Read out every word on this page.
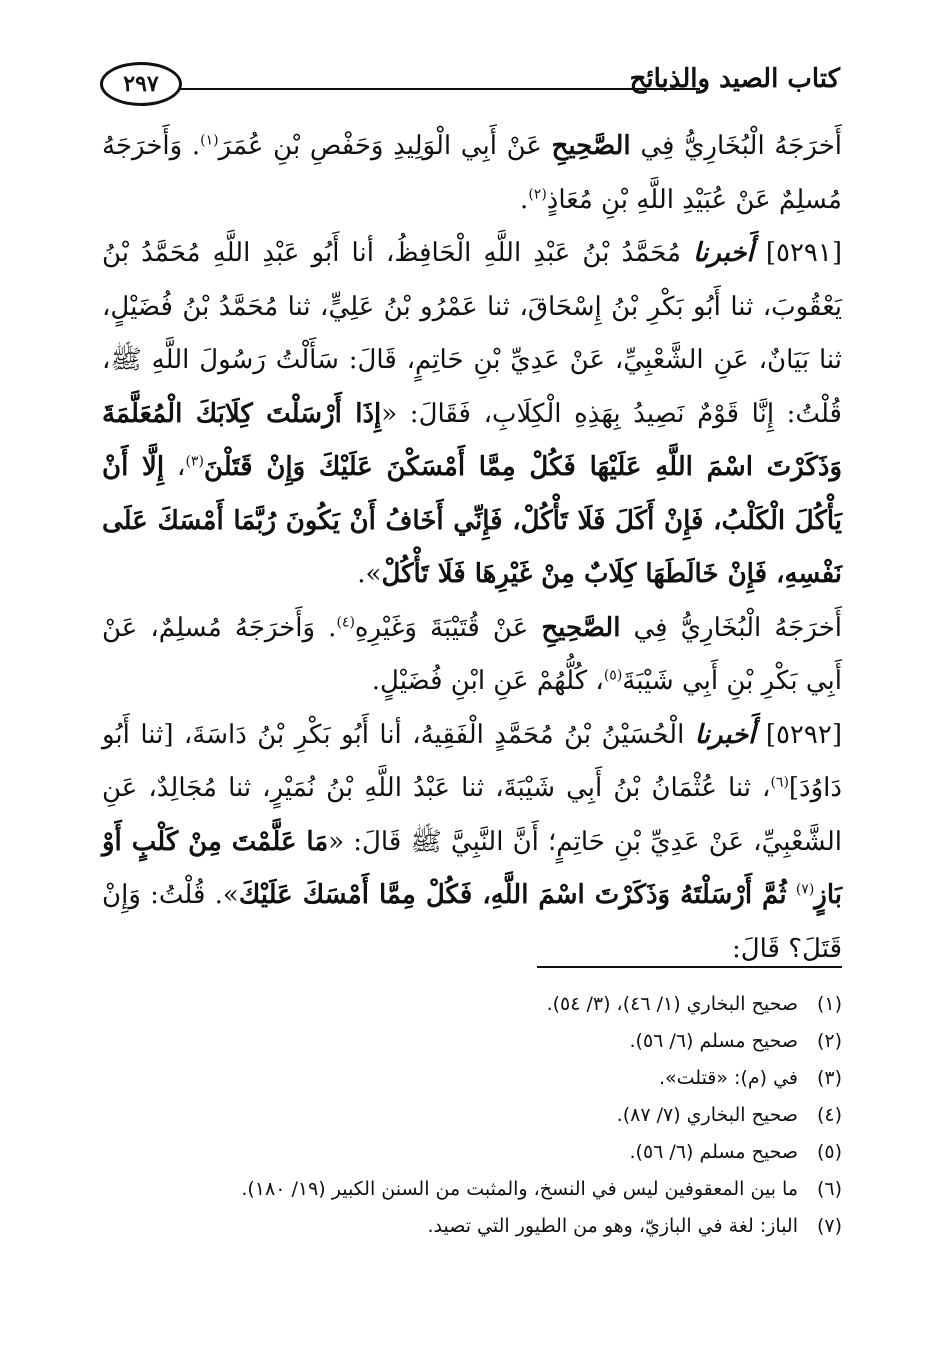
كتاب الصيد والذبائح
٢٩٧

أَخرَجَهُ الْبُخَارِيُّ فِي الصَّحِيحِ عَنْ أَبِي الْوَلِيدِ وَحَفْصِ بْنِ عُمَرَ$^{(١)}$. وَأَخرَجَهُ مُسلِمٌ عَنْ عُبَيْدِ اللَّهِ بْنِ مُعَاذٍ$^{(٢)}$.

[٥٢٩١] أَخبرنا مُحَمَّدُ بْنُ عَبْدِ اللَّهِ الْحَافِظُ، أنا أَبُو عَبْدِ اللَّهِ مُحَمَّدُ بْنُ يَعْقُوبَ، ثنا أَبُو بَكْرِ بْنُ إِسْحَاقَ، ثنا عَمْرُو بْنُ عَلِيٍّ، ثنا مُحَمَّدُ بْنُ فُضَيْلٍ، ثنا بَيَانٌ، عَنِ الشَّعْبِيِّ، عَنْ عَدِيِّ بْنِ حَاتِمٍ، قَالَ: سَأَلْتُ رَسُولَ اللَّهِ ﷺ، قُلْتُ: إِنَّا قَوْمٌ نَصِيدُ بِهَذِهِ الْكِلَابِ، فَقَالَ: «إِذَا أَرْسَلْتَ كِلَابَكَ الْمُعَلَّمَةَ وَذَكَرْتَ اسْمَ اللَّهِ عَلَيْهَا فَكُلْ مِمَّا أَمْسَكْنَ عَلَيْكَ وَإِنْ قَتَلْنَ$^{(٣)}$، إِلَّا أَنْ يَأْكُلَ الْكَلْبُ، فَإِنْ أَكَلَ فَلَا تَأْكُلْ، فَإِنِّي أَخَافُ أَنْ يَكُونَ رُبَّمَا أَمْسَكَ عَلَى نَفْسِهِ، فَإِنْ خَالَطَهَا كِلَابٌ مِنْ غَيْرِهَا فَلَا تَأْكُلْ».

أَخرَجَهُ الْبُخَارِيُّ فِي الصَّحِيحِ عَنْ قُتَيْبَةَ وَغَيْرِهِ$^{(٤)}$. وَأَخرَجَهُ مُسلِمٌ، عَنْ أَبِي بَكْرِ بْنِ أَبِي شَيْبَةَ$^{(٥)}$، كُلُّهُمْ عَنِ ابْنِ فُضَيْلٍ.

[٥٢٩٢] أَخبرنا الْحُسَيْنُ بْنُ مُحَمَّدٍ الْفَقِيهُ، أنا أَبُو بَكْرِ بْنُ دَاسَةَ، [ثنا أَبُو دَاوُدَ]$^{(٦)}$، ثنا عُثْمَانُ بْنُ أَبِي شَيْبَةَ، ثنا عَبْدُ اللَّهِ بْنُ نُمَيْرٍ، ثنا مُجَالِدٌ، عَنِ الشَّعْبِيِّ، عَنْ عَدِيِّ بْنِ حَاتِمٍ؛ أَنَّ النَّبِيَّ ﷺ قَالَ: «مَا عَلَّمْتَ مِنْ كَلْبٍ أَوْ بَازٍ$^{(٧)}$ ثُمَّ أَرْسَلْتَهُ وَذَكَرْتَ اسْمَ اللَّهِ، فَكُلْ مِمَّا أَمْسَكَ عَلَيْكَ». قُلْتُ: وَإِنْ قَتَلَ؟ قَالَ:

(١)
صحيح البخاري (١/ ٤٦)، (٣/ ٥٤).
(٢)
صحيح مسلم (٦/ ٥٦).
(٣)
في (م): «قتلت».
(٤)
صحيح البخاري (٧/ ٨٧).
(٥)
صحيح مسلم (٦/ ٥٦).
(٦)
ما بين المعقوفين ليس في النسخ، والمثبت من السنن الكبير (١٩/ ١٨٠).
(٧)
الباز: لغة في البازيّ، وهو من الطيور التي تصيد.
